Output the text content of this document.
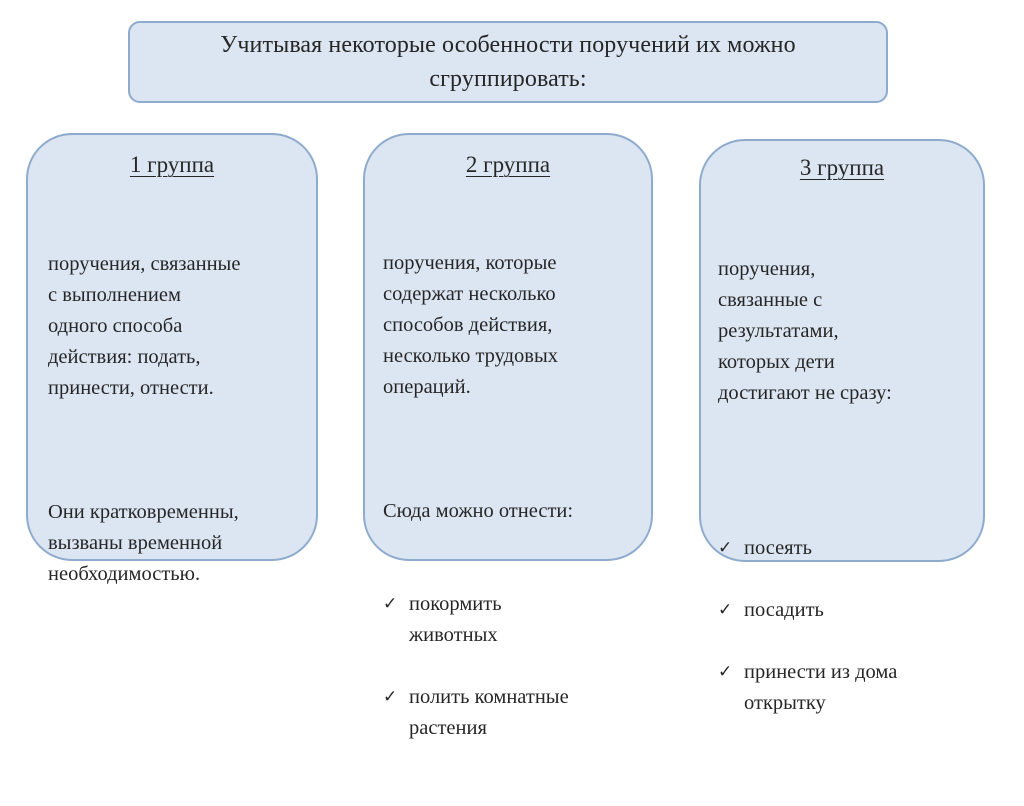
Учитывая некоторые особенности поручений их можно сгруппировать:
1 группа

поручения, связанные
с выполнением
одного способа
действия: подать,
принести, отнести.

Они кратковременны,
вызваны временной
необходимостью.

2 группа

поручения, которые
содержат несколько
способов действия,
несколько трудовых
операций.

Сюда можно отнести:

✓ покормить
животных

✓ полить комнатные
растения

3 группа

поручения,
связанные с
результатами,
которых дети
достигают не сразу:

✓ посеять

✓ посадить

✓ принести из дома
открытку
